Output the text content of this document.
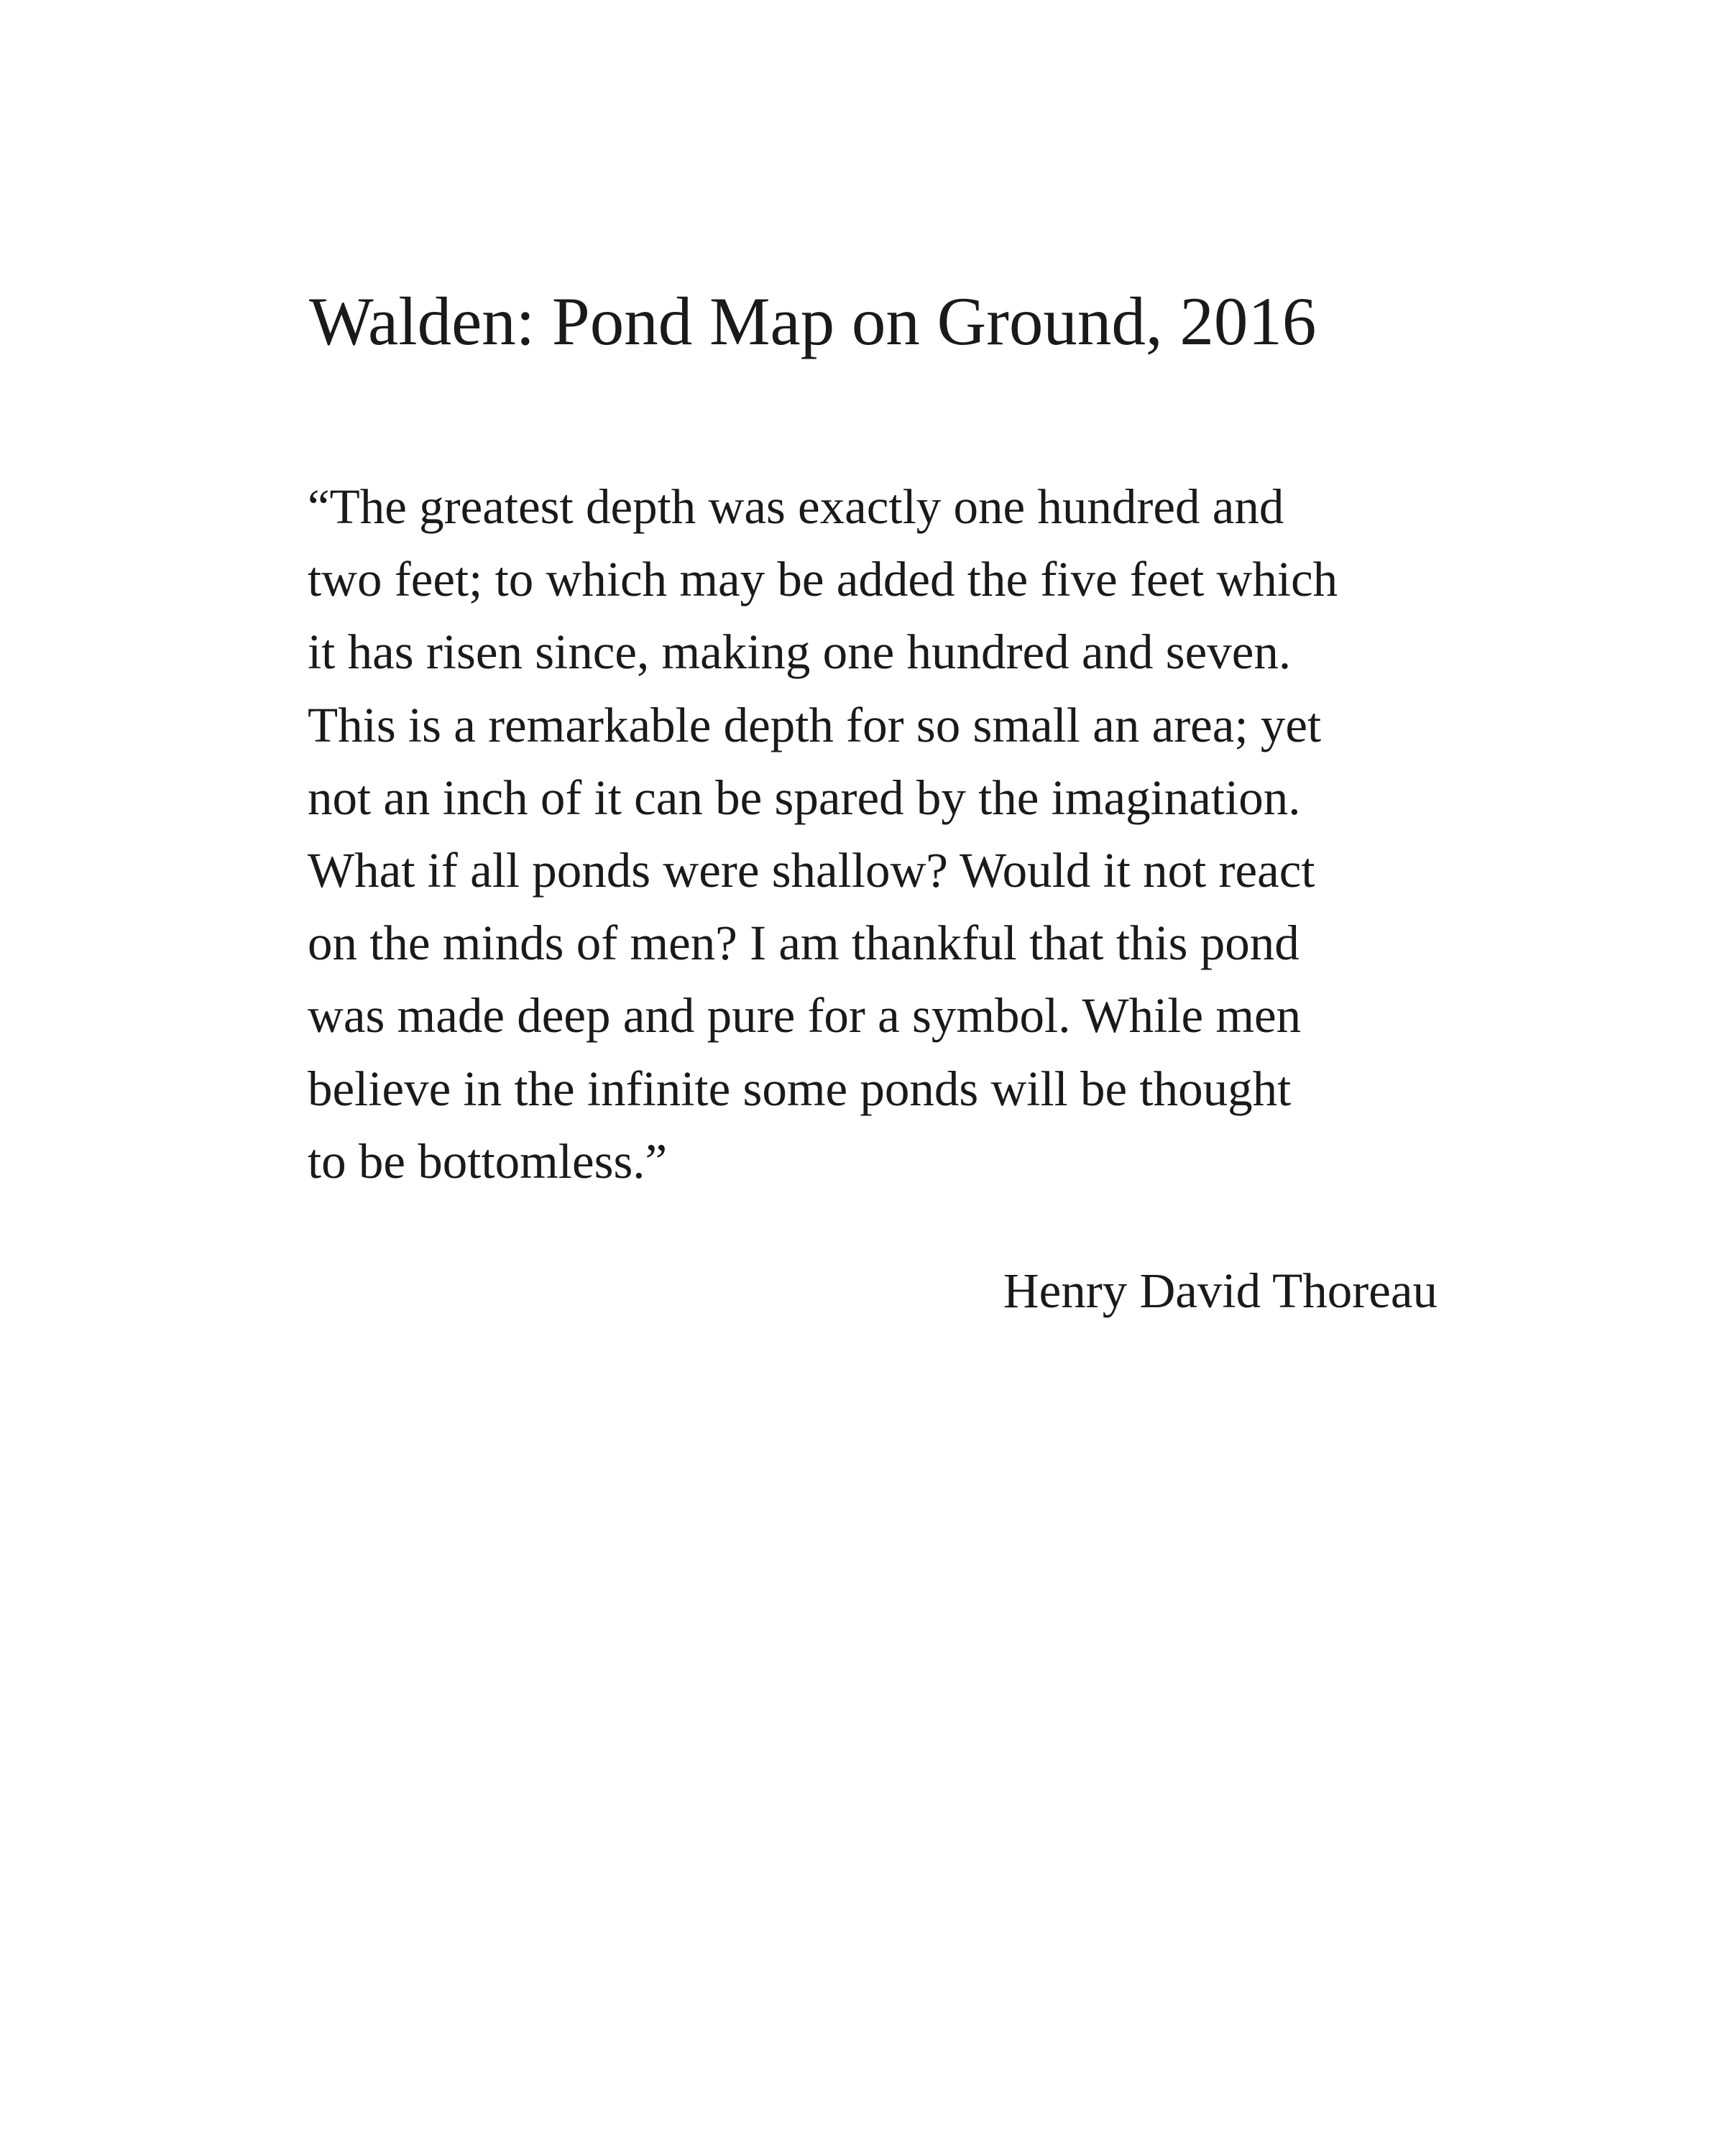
Walden: Pond Map on Ground, 2016
“The greatest depth was exactly one hundred and
two feet; to which may be added the five feet which
it has risen since, making one hundred and seven.
This is a remarkable depth for so small an area; yet
not an inch of it can be spared by the imagination.
What if all ponds were shallow? Would it not react
on the minds of men? I am thankful that this pond
was made deep and pure for a symbol. While men
believe in the infinite some ponds will be thought
to be bottomless.”
Henry David Thoreau
